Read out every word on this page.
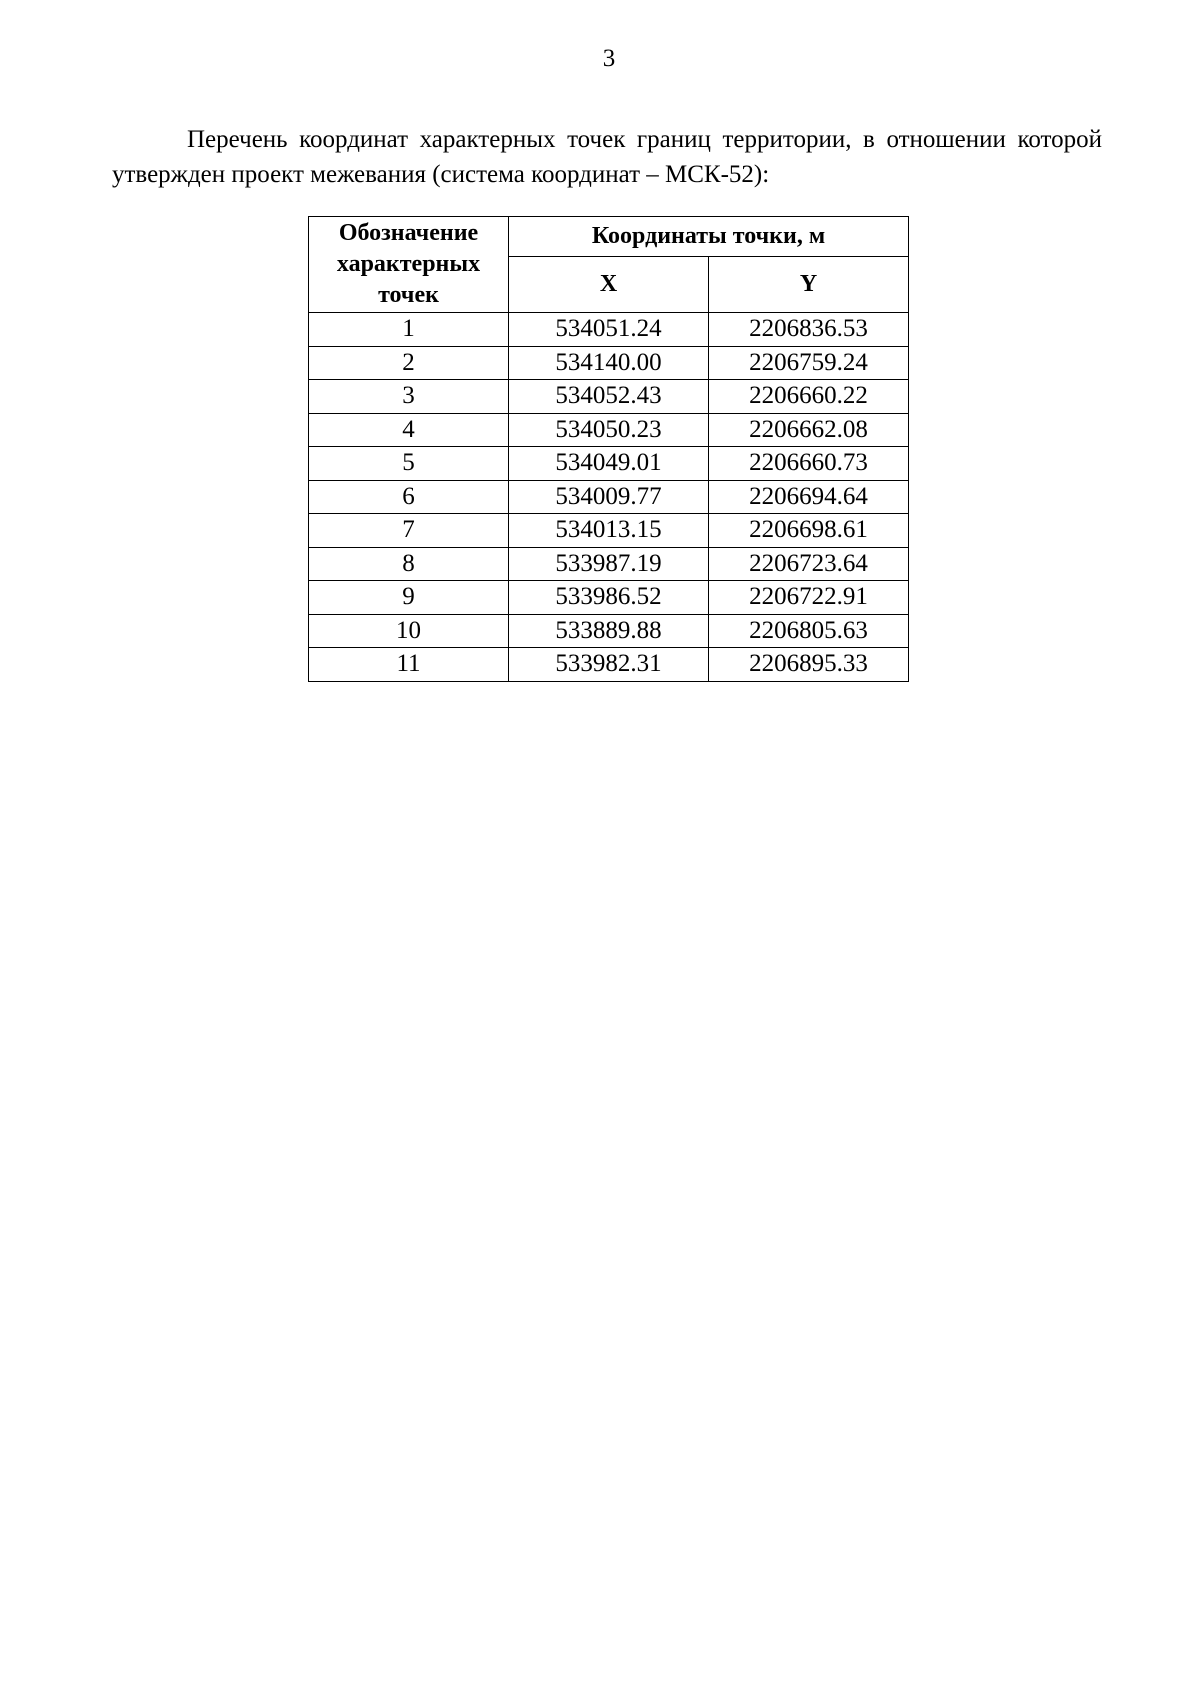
3

Перечень координат характерных точек границ территории, в отношении которой утвержден проект межевания (система координат – МСК-52):

Обозначение характерных точек	Координаты точки, м	
	X	Y
1	534051.24	2206836.53
2	534140.00	2206759.24
3	534052.43	2206660.22
4	534050.23	2206662.08
5	534049.01	2206660.73
6	534009.77	2206694.64
7	534013.15	2206698.61
8	533987.19	2206723.64
9	533986.52	2206722.91
10	533889.88	2206805.63
11	533982.31	2206895.33
